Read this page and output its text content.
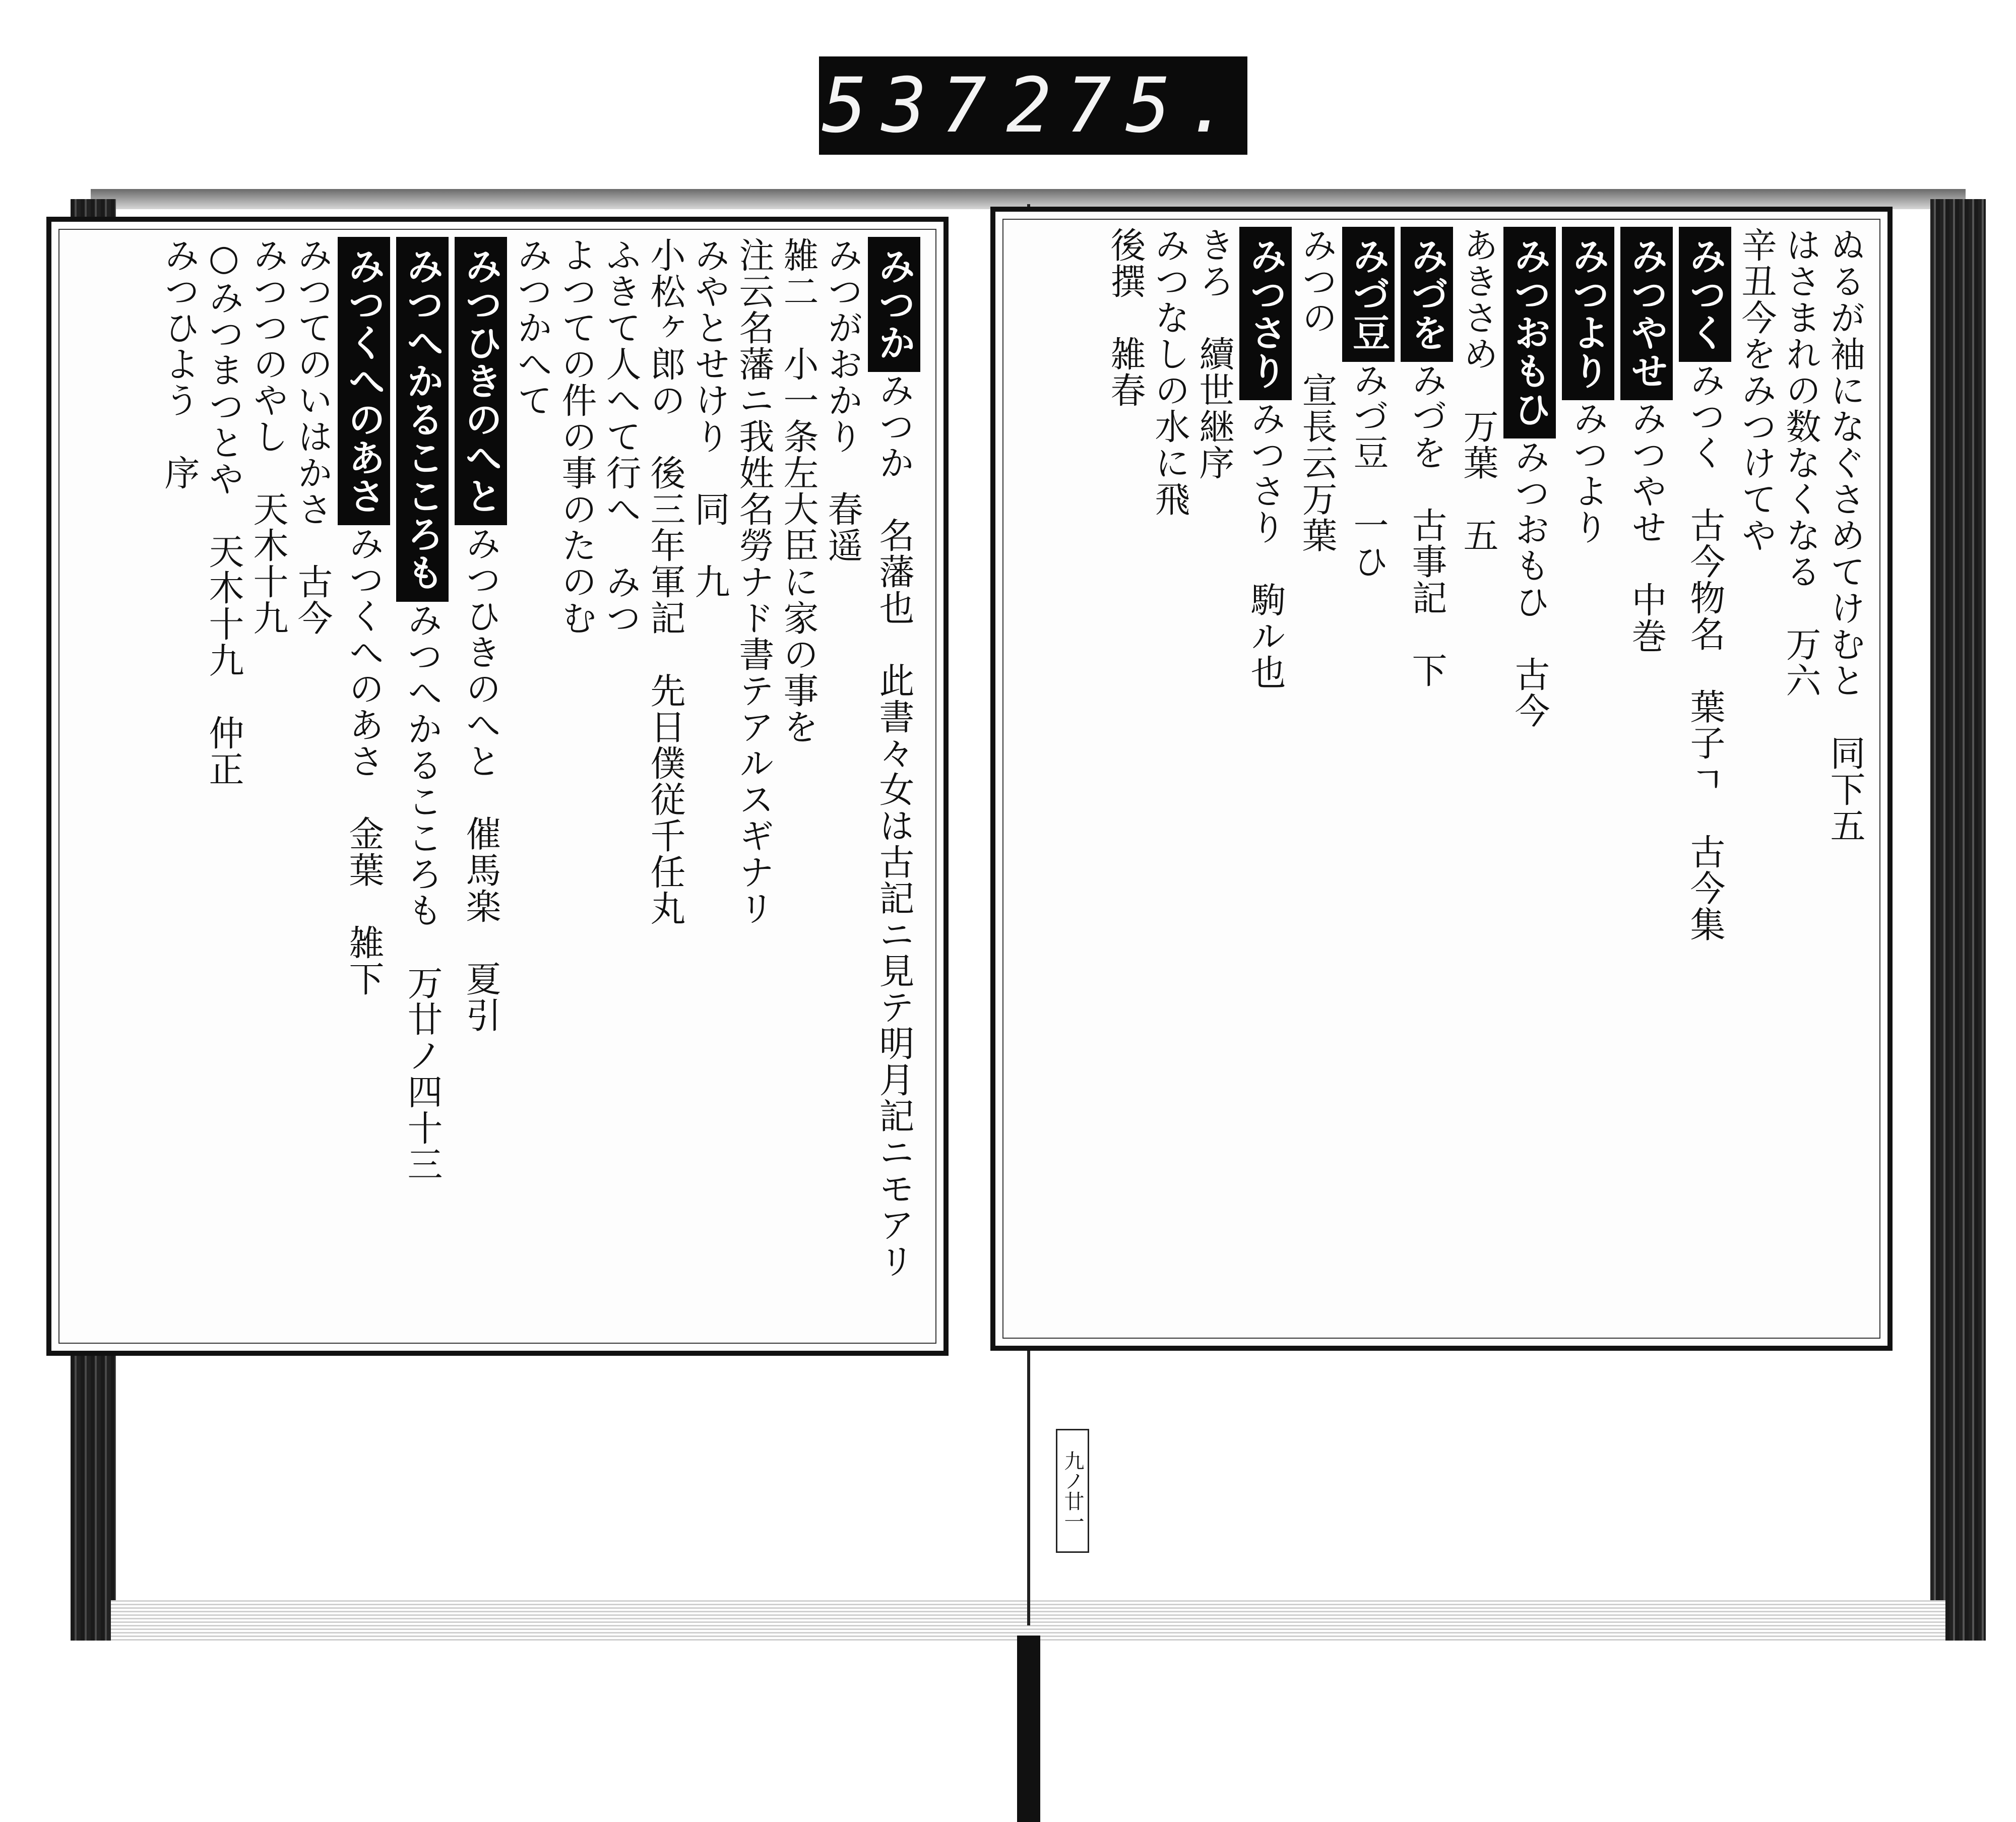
537 275.
みつかみつか　名藩也　此書々女は古記ニ見テ明月記ニモアリ
みつがおかり　春遥
雑二　小一条左大臣に家の事を
注云名藩ニ我姓名勞ナド書テアルスギナリ
みやとせけり　同　九
小松ヶ郎の　後三年軍記　先日僕従千任丸
ふきて人へて行へ　みつ
よつての件の事のたのむ
みつかへて
みつひきのへとみつひきのへと　催馬楽　夏引
みつへかるこころもみつへかるこころも　万廿ノ四十三
みつくへのあさみつくへのあさ　金葉　雑下
みつてのいはかさ　古今
みつつのやし　天木十九
○みつまつとや　天木十九　仲正
みつひよう　序	ぬるが袖になぐさめてけむと　同下五
はさまれの数なくなる　万六
辛丑今をみつけてや
みつくみつく　古今物名　葉子ㄱ　古今集
みつやせみつやせ　中巻
みつよりみつより
みつおもひみつおもひ　古今
あきさめ　万葉　五
みづをみづを　古事記　下
みづ豆みづ豆　一ひ
みつの　宣長云万葉
みつさりみつさり　駒ル也
きろ　續世継序
みつなしの水に飛
後撰　雑春
九ノ廿一
